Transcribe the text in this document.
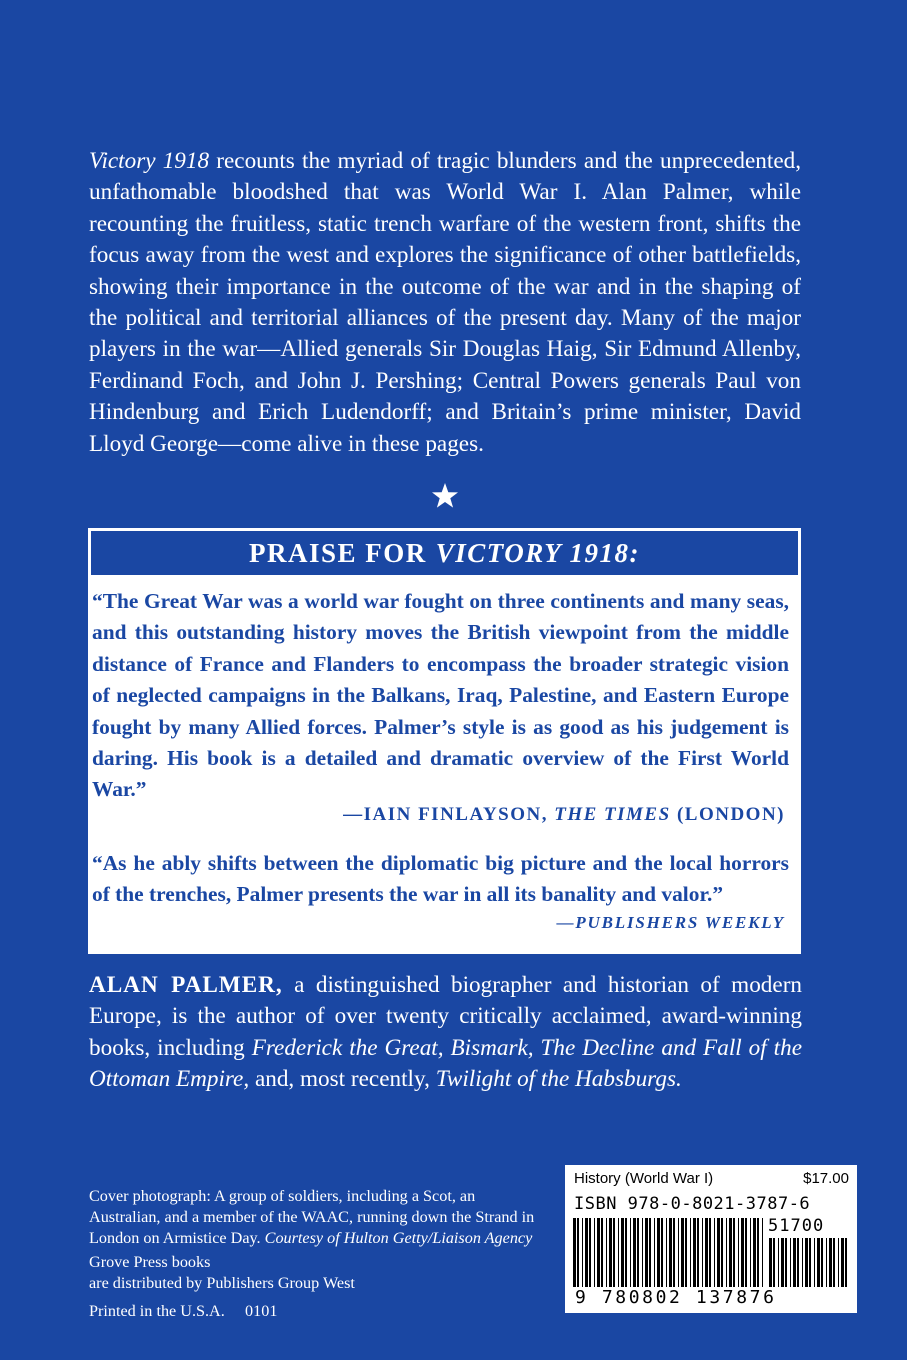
Victory 1918 recounts the myriad of tragic blunders and the unprecedented, unfathomable bloodshed that was World War I. Alan Palmer, while recounting the fruitless, static trench warfare of the western front, shifts the focus away from the west and explores the significance of other battlefields, showing their importance in the outcome of the war and in the shaping of the political and territorial alliances of the present day. Many of the major players in the war—Allied generals Sir Douglas Haig, Sir Edmund Allenby, Ferdinand Foch, and John J. Pershing; Central Powers generals Paul von Hindenburg and Erich Ludendorff; and Britain’s prime minister, David Lloyd George—come alive in these pages.
PRAISE FOR VICTORY 1918:
“The Great War was a world war fought on three continents and many seas, and this outstanding history moves the British viewpoint from the middle distance of France and Flanders to encompass the broader strategic vision of neglected campaigns in the Balkans, Iraq, Palestine, and Eastern Europe fought by many Allied forces. Palmer’s style is as good as his judgement is daring. His book is a detailed and dramatic overview of the First World War.”
—IAIN FINLAYSON, THE TIMES (LONDON)
“As he ably shifts between the diplomatic big picture and the local horrors of the trenches, Palmer presents the war in all its banality and valor.”
—PUBLISHERS WEEKLY
ALAN PALMER, a distinguished biographer and historian of modern Europe, is the author of over twenty critically acclaimed, award-winning books, including Frederick the Great, Bismark, The Decline and Fall of the Ottoman Empire, and, most recently, Twilight of the Habsburgs.

Cover photograph: A group of soldiers, including a Scot, an Australian, and a member of the WAAC, running down the Strand in London on Armistice Day. Courtesy of Hulton Getty/Liaison Agency

Grove Press books

are distributed by Publishers Group West

Printed in the U.S.A. 0101

History (World War I)	$17.00
ISBN 978-0-8021-3787-6
51700
9 780802 137876
